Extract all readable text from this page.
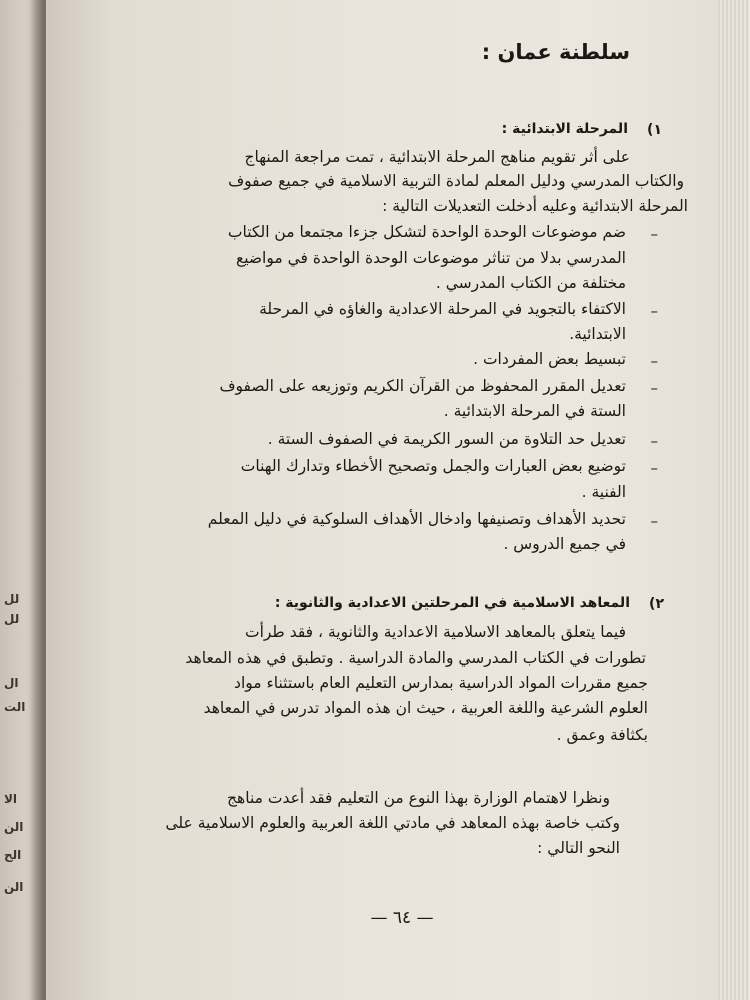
لل
لل
ال
الت
الا
الن
الح
الن
سلطنة عمان :
١)
المرحلة الابتدائية :
على أثر تقويم مناهج المرحلة الابتدائية ، تمت مراجعة المنهاج
والكتاب المدرسي ودليل المعلم لمادة التربية الاسلامية في جميع صفوف
المرحلة الابتدائية وعليه أدخلت التعديلات التالية :
–
ضم موضوعات الوحدة الواحدة لتشكل جزءا مجتمعا من الكتاب
المدرسي بدلا من تناثر موضوعات الوحدة الواحدة في مواضيع
مختلفة من الكتاب المدرسي .
–
الاكتفاء بالتجويد في المرحلة الاعدادية والغاؤه في المرحلة
الابتدائية.
–
تبسيط بعض المفردات .
–
تعديل المقرر المحفوظ من القرآن الكريم وتوزيعه على الصفوف
الستة في المرحلة الابتدائية .
–
تعديل حد التلاوة من السور الكريمة في الصفوف الستة .
–
توضيع بعض العبارات والجمل وتصحيح الأخطاء وتدارك الهنات
الفنية .
–
تحديد الأهداف وتصنيفها وادخال الأهداف السلوكية في دليل المعلم
في جميع الدروس .
٢)
المعاهد الاسلامية في المرحلتين الاعدادية والثانوية :
فيما يتعلق بالمعاهد الاسلامية الاعدادية والثانوية ، فقد طرأت
تطورات في الكتاب المدرسي والمادة الدراسية . وتطبق في هذه المعاهد
جميع مقررات المواد الدراسية بمدارس التعليم العام باستثناء مواد
العلوم الشرعية واللغة العربية ، حيث ان هذه المواد تدرس في المعاهد
بكثافة وعمق .
ونظرا لاهتمام الوزارة بهذا النوع من التعليم فقد أعدت مناهج
وكتب خاصة بهذه المعاهد في مادتي اللغة العربية والعلوم الاسلامية على
النحو التالي :
— ٦٤ —
